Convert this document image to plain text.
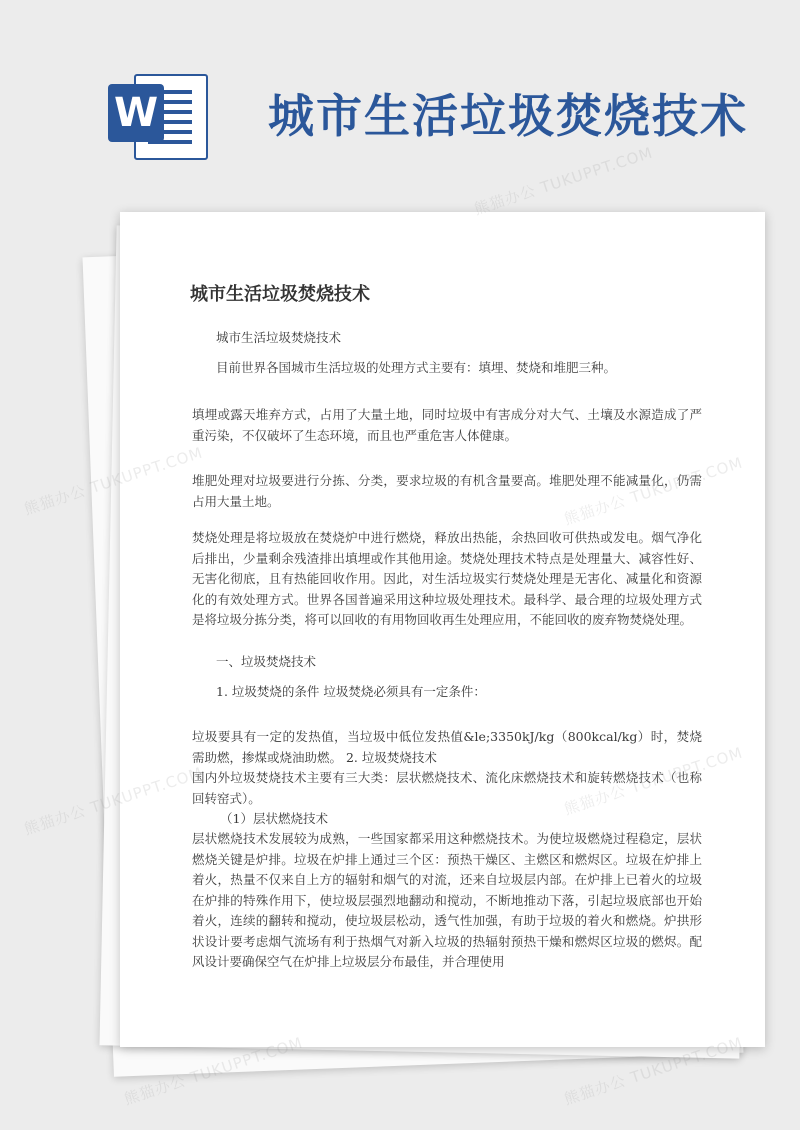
W 城市生活垃圾焚烧技术
城市生活垃圾焚烧技术
城市生活垃圾焚烧技术
目前世界各国城市生活垃圾的处理方式主要有：填埋、焚烧和堆肥三种。
填埋或露天堆弃方式，占用了大量土地，同时垃圾中有害成分对大气、土壤及水源造成了严重污染，不仅破坏了生态环境，而且也严重危害人体健康。
堆肥处理对垃圾要进行分拣、分类，要求垃圾的有机含量要高。堆肥处理不能减量化，仍需占用大量土地。
焚烧处理是将垃圾放在焚烧炉中进行燃烧，释放出热能，余热回收可供热或发电。烟气净化后排出，少量剩余残渣排出填埋或作其他用途。焚烧处理技术特点是处理量大、减容性好、无害化彻底，且有热能回收作用。因此，对生活垃圾实行焚烧处理是无害化、减量化和资源化的有效处理方式。世界各国普遍采用这种垃圾处理技术。最科学、最合理的垃圾处理方式是将垃圾分拣分类，将可以回收的有用物回收再生处理应用，不能回收的废弃物焚烧处理。
一、垃圾焚烧技术
1. 垃圾焚烧的条件 垃圾焚烧必须具有一定条件：
垃圾要具有一定的发热值，当垃圾中低位发热值&le;3350kJ/kg（800kcal/kg）时，焚烧需助燃，掺煤或烧油助燃。 2. 垃圾焚烧技术
国内外垃圾焚烧技术主要有三大类：层状燃烧技术、流化床燃烧技术和旋转燃烧技术（也称回转窑式）。
（1）层状燃烧技术
层状燃烧技术发展较为成熟，一些国家都采用这种燃烧技术。为使垃圾燃烧过程稳定，层状燃烧关键是炉排。垃圾在炉排上通过三个区：预热干燥区、主燃区和燃烬区。垃圾在炉排上着火，热量不仅来自上方的辐射和烟气的对流，还来自垃圾层内部。在炉排上已着火的垃圾在炉排的特殊作用下，使垃圾层强烈地翻动和搅动，不断地推动下落，引起垃圾底部也开始着火，连续的翻转和搅动，使垃圾层松动，透气性加强，有助于垃圾的着火和燃烧。炉拱形状设计要考虑烟气流场有利于热烟气对新入垃圾的热辐射预热干燥和燃烬区垃圾的燃烬。配风设计要确保空气在炉排上垃圾层分布最佳，并合理使用
熊猫办公 TUKUPPT.COM
熊猫办公
熊猫办公
熊猫办公 TUKUPPT.COM
